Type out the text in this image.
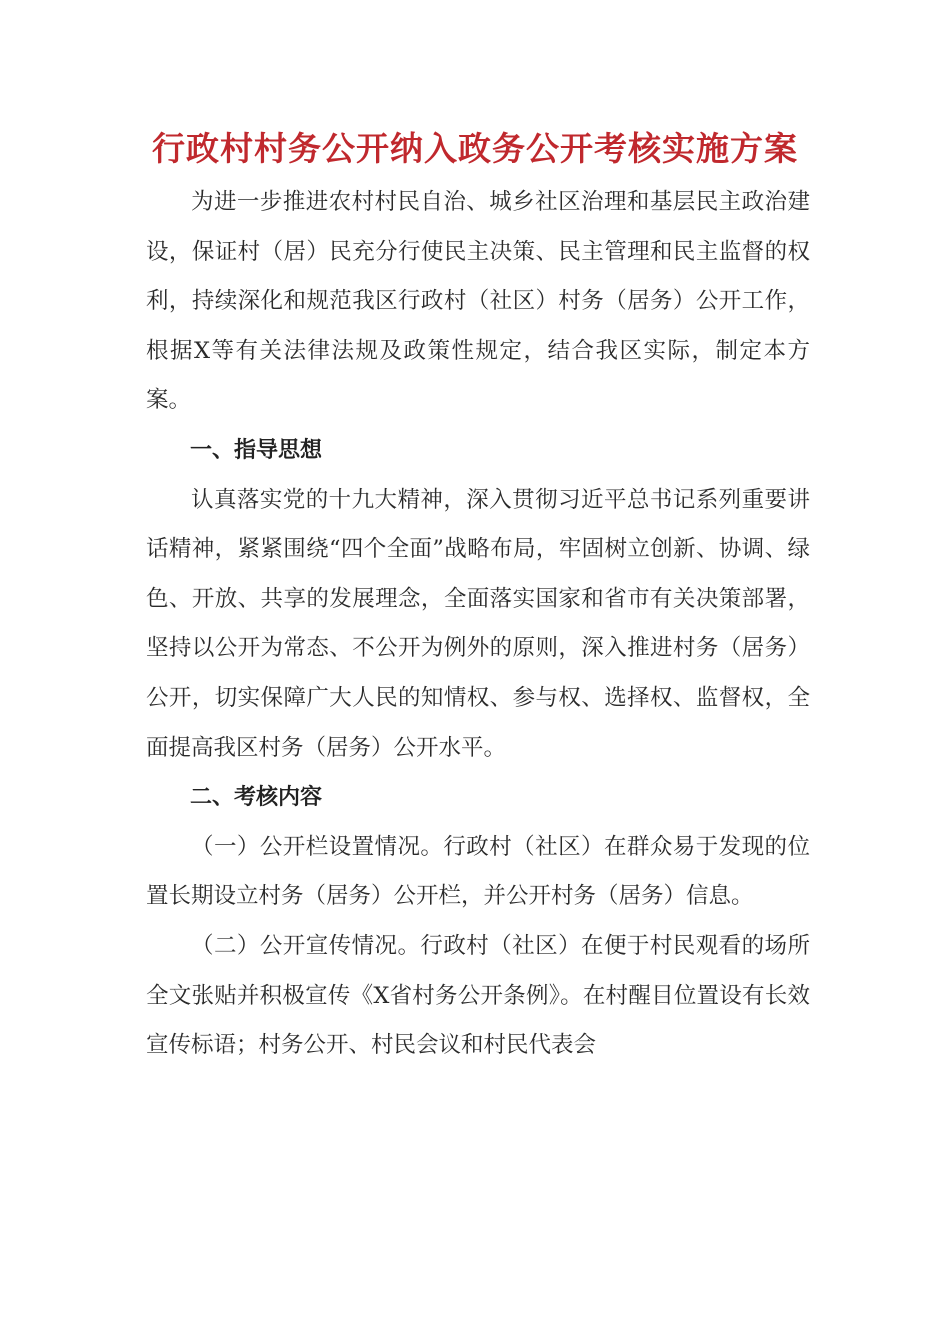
行政村村务公开纳入政务公开考核实施方案

为进一步推进农村村民自治、城乡社区治理和基层民主政治建设，保证村（居）民充分行使民主决策、民主管理和民主监督的权利，持续深化和规范我区行政村（社区）村务（居务）公开工作，根据X等有关法律法规及政策性规定，结合我区实际，制定本方案。

一、指导思想

认真落实党的十九大精神，深入贯彻习近平总书记系列重要讲话精神，紧紧围绕“四个全面”战略布局，牢固树立创新、协调、绿色、开放、共享的发展理念，全面落实国家和省市有关决策部署，坚持以公开为常态、不公开为例外的原则，深入推进村务（居务）公开，切实保障广大人民的知情权、参与权、选择权、监督权，全面提高我区村务（居务）公开水平。

二、考核内容

（一）公开栏设置情况。行政村（社区）在群众易于发现的位置长期设立村务（居务）公开栏，并公开村务（居务）信息。

（二）公开宣传情况。行政村（社区）在便于村民观看的场所全文张贴并积极宣传《X省村务公开条例》。在村醒目位置设有长效宣传标语；村务公开、村民会议和村民代表会
